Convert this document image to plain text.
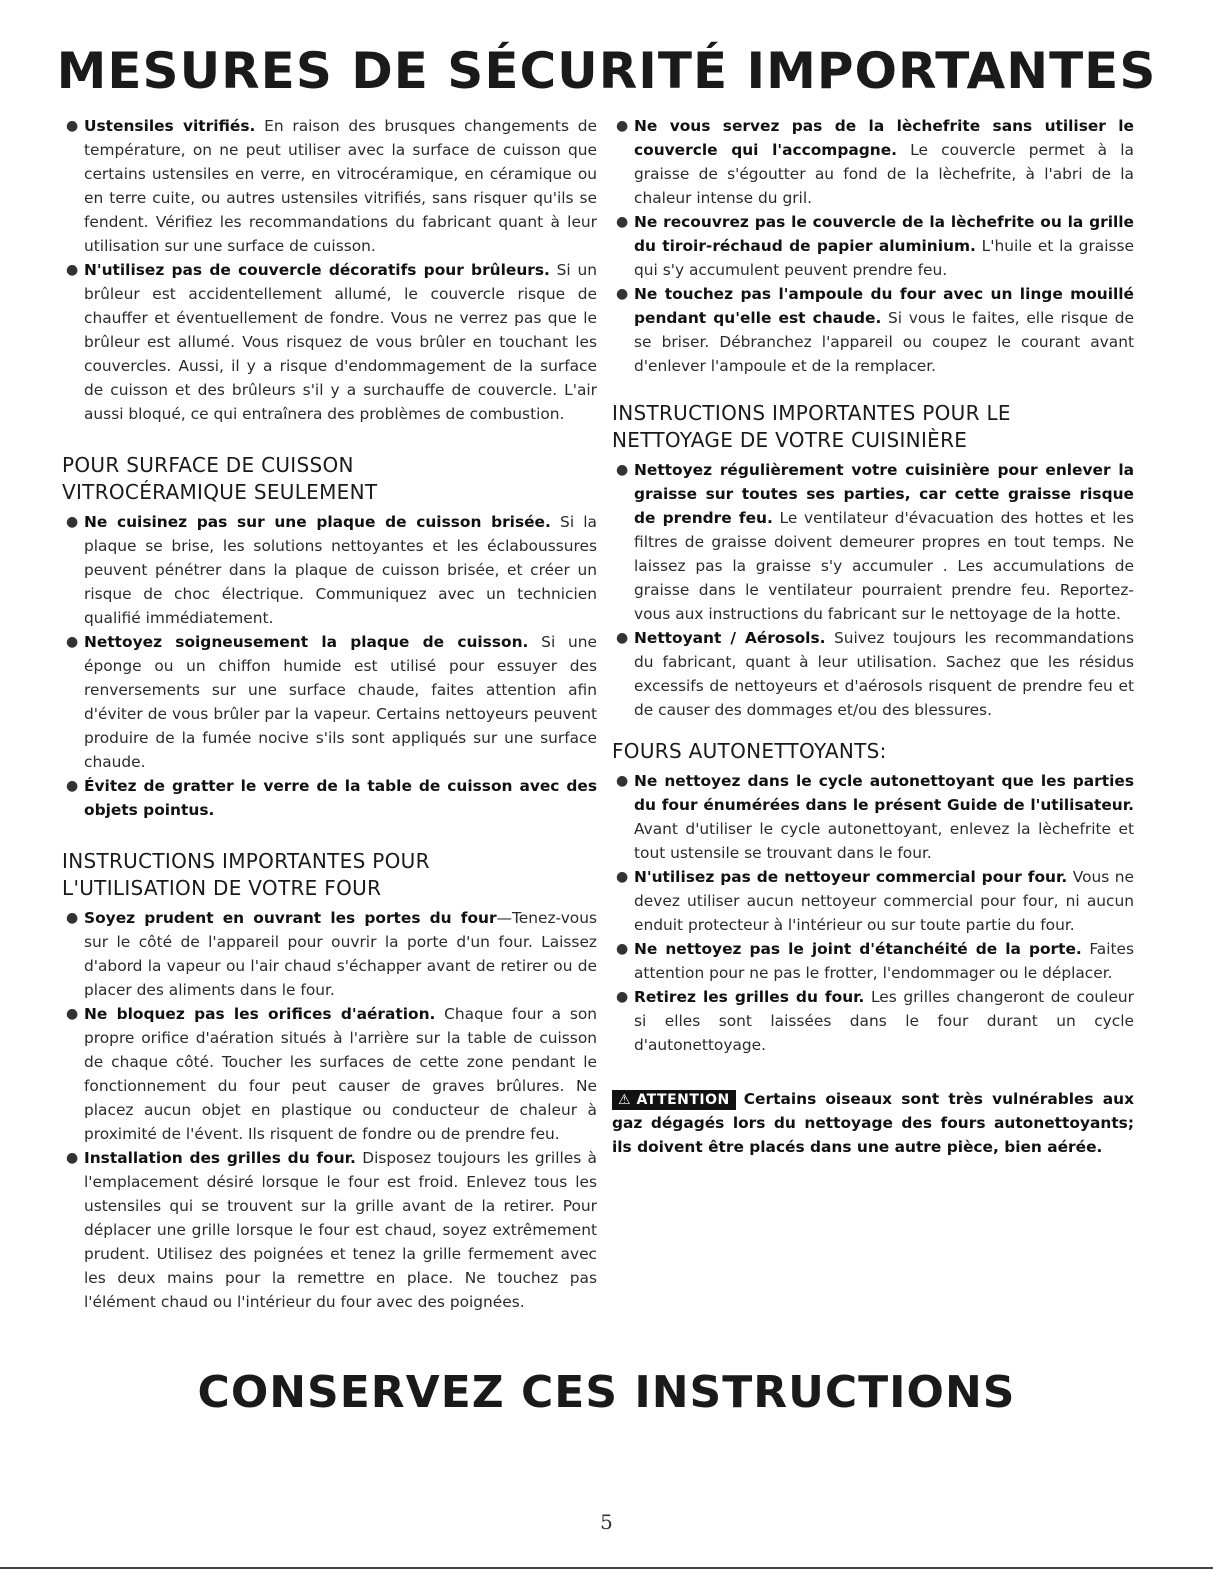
MESURES DE SÉCURITÉ IMPORTANTES
● Ustensiles vitrifiés. En raison des brusques changements de température, on ne peut utiliser avec la surface de cuisson que certains ustensiles en verre, en vitrocéramique, en céramique ou en terre cuite, ou autres ustensiles vitrifiés, sans risquer qu'ils se fendent. Vérifiez les recommandations du fabricant quant à leur utilisation sur une surface de cuisson.
● N'utilisez pas de couvercle décoratifs pour brûleurs. Si un brûleur est accidentellement allumé, le couvercle risque de chauffer et éventuellement de fondre. Vous ne verrez pas que le brûleur est allumé. Vous risquez de vous brûler en touchant les couvercles. Aussi, il y a risque d'endommagement de la surface de cuisson et des brûleurs s'il y a surchauffe de couvercle. L'air aussi bloqué, ce qui entraînera des problèmes de combustion.
POUR SURFACE DE CUISSON
VITROCÉRAMIQUE SEULEMENT
● Ne cuisinez pas sur une plaque de cuisson brisée. Si la plaque se brise, les solutions nettoyantes et les éclaboussures peuvent pénétrer dans la plaque de cuisson brisée, et créer un risque de choc électrique. Communiquez avec un technicien qualifié immédiatement.
● Nettoyez soigneusement la plaque de cuisson. Si une éponge ou un chiffon humide est utilisé pour essuyer des renversements sur une surface chaude, faites attention afin d'éviter de vous brûler par la vapeur. Certains nettoyeurs peuvent produire de la fumée nocive s'ils sont appliqués sur une surface chaude.
● Évitez de gratter le verre de la table de cuisson avec des objets pointus.
INSTRUCTIONS IMPORTANTES POUR
L'UTILISATION DE VOTRE FOUR
● Soyez prudent en ouvrant les portes du four—Tenez-vous sur le côté de l'appareil pour ouvrir la porte d'un four. Laissez d'abord la vapeur ou l'air chaud s'échapper avant de retirer ou de placer des aliments dans le four.
● Ne bloquez pas les orifices d'aération. Chaque four a son propre orifice d'aération situés à l'arrière sur la table de cuisson de chaque côté. Toucher les surfaces de cette zone pendant le fonctionnement du four peut causer de graves brûlures. Ne placez aucun objet en plastique ou conducteur de chaleur à proximité de l'évent. Ils risquent de fondre ou de prendre feu.
● Installation des grilles du four. Disposez toujours les grilles à l'emplacement désiré lorsque le four est froid. Enlevez tous les ustensiles qui se trouvent sur la grille avant de la retirer. Pour déplacer une grille lorsque le four est chaud, soyez extrêmement prudent. Utilisez des poignées et tenez la grille fermement avec les deux mains pour la remettre en place. Ne touchez pas l'élément chaud ou l'intérieur du four avec des poignées.
● Ne vous servez pas de la lèchefrite sans utiliser le couvercle qui l'accompagne. Le couvercle permet à la graisse de s'égoutter au fond de la lèchefrite, à l'abri de la chaleur intense du gril.
● Ne recouvrez pas le couvercle de la lèchefrite ou la grille du tiroir-réchaud de papier aluminium. L'huile et la graisse qui s'y accumulent peuvent prendre feu.
● Ne touchez pas l'ampoule du four avec un linge mouillé pendant qu'elle est chaude. Si vous le faites, elle risque de se briser. Débranchez l'appareil ou coupez le courant avant d'enlever l'ampoule et de la remplacer.
INSTRUCTIONS IMPORTANTES POUR LE
NETTOYAGE DE VOTRE CUISINIÈRE
● Nettoyez régulièrement votre cuisinière pour enlever la graisse sur toutes ses parties, car cette graisse risque de prendre feu. Le ventilateur d'évacuation des hottes et les filtres de graisse doivent demeurer propres en tout temps. Ne laissez pas la graisse s'y accumuler . Les accumulations de graisse dans le ventilateur pourraient prendre feu. Reportez-vous aux instructions du fabricant sur le nettoyage de la hotte.
● Nettoyant / Aérosols. Suivez toujours les recommandations du fabricant, quant à leur utilisation. Sachez que les résidus excessifs de nettoyeurs et d'aérosols risquent de prendre feu et de causer des dommages et/ou des blessures.
FOURS AUTONETTOYANTS:
● Ne nettoyez dans le cycle autonettoyant que les parties du four énumérées dans le présent Guide de l'utilisateur. Avant d'utiliser le cycle autonettoyant, enlevez la lèchefrite et tout ustensile se trouvant dans le four.
● N'utilisez pas de nettoyeur commercial pour four. Vous ne devez utiliser aucun nettoyeur commercial pour four, ni aucun enduit protecteur à l'intérieur ou sur toute partie du four.
● Ne nettoyez pas le joint d'étanchéité de la porte. Faites attention pour ne pas le frotter, l'endommager ou le déplacer.
● Retirez les grilles du four. Les grilles changeront de couleur si elles sont laissées dans le four durant un cycle d'autonettoyage.
⚠ ATTENTION Certains oiseaux sont très vulnérables aux gaz dégagés lors du nettoyage des fours autonettoyants; ils doivent être placés dans une autre pièce, bien aérée.
CONSERVEZ CES INSTRUCTIONS
5
